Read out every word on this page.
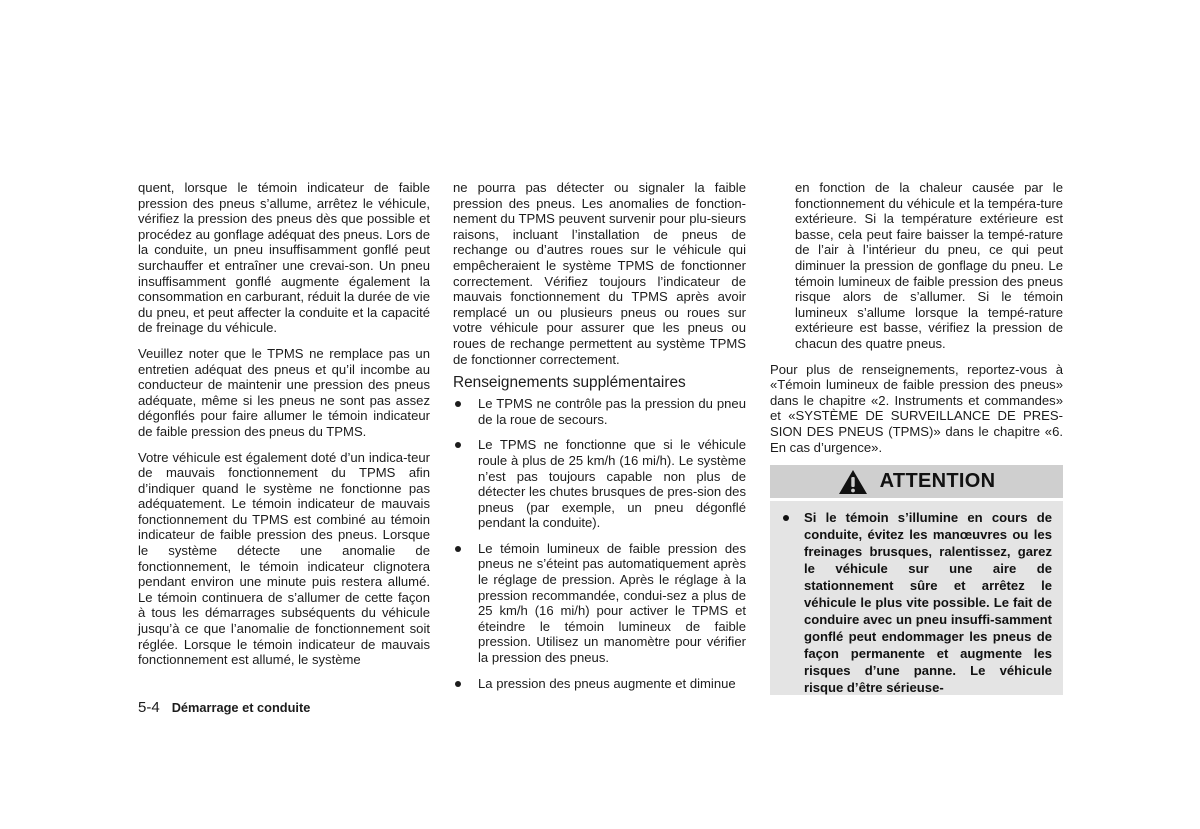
quent, lorsque le témoin indicateur de faible pression des pneus s’allume, arrêtez le véhicule, vérifiez la pression des pneus dès que possible et procédez au gonflage adéquat des pneus. Lors de la conduite, un pneu insuffisamment gonflé peut surchauffer et entraîner une crevai-son. Un pneu insuffisamment gonflé augmente également la consommation en carburant, réduit la durée de vie du pneu, et peut affecter la conduite et la capacité de freinage du véhicule.

Veuillez noter que le TPMS ne remplace pas un entretien adéquat des pneus et qu’il incombe au conducteur de maintenir une pression des pneus adéquate, même si les pneus ne sont pas assez dégonflés pour faire allumer le témoin indicateur de faible pression des pneus du TPMS.

Votre véhicule est également doté d’un indica-teur de mauvais fonctionnement du TPMS afin d’indiquer quand le système ne fonctionne pas adéquatement. Le témoin indicateur de mauvais fonctionnement du TPMS est combiné au témoin indicateur de faible pression des pneus. Lorsque le système détecte une anomalie de fonctionnement, le témoin indicateur clignotera pendant environ une minute puis restera allumé. Le témoin continuera de s’allumer de cette façon à tous les démarrages subséquents du véhicule jusqu’à ce que l’anomalie de fonctionnement soit réglée. Lorsque le témoin indicateur de mauvais fonctionnement est allumé, le système

ne pourra pas détecter ou signaler la faible pression des pneus. Les anomalies de fonction-nement du TPMS peuvent survenir pour plu-sieurs raisons, incluant l’installation de pneus de rechange ou d’autres roues sur le véhicule qui empêcheraient le système TPMS de fonctionner correctement. Vérifiez toujours l’indicateur de mauvais fonctionnement du TPMS après avoir remplacé un ou plusieurs pneus ou roues sur votre véhicule pour assurer que les pneus ou roues de rechange permettent au système TPMS de fonctionner correctement.

Renseignements supplémentaires
Le TPMS ne contrôle pas la pression du pneu de la roue de secours.
Le TPMS ne fonctionne que si le véhicule roule à plus de 25 km/h (16 mi/h). Le système n’est pas toujours capable non plus de détecter les chutes brusques de pres-sion des pneus (par exemple, un pneu dégonflé pendant la conduite).
Le témoin lumineux de faible pression des pneus ne s’éteint pas automatiquement après le réglage de pression. Après le réglage à la pression recommandée, condui-sez a plus de 25 km/h (16 mi/h) pour activer le TPMS et éteindre le témoin lumineux de faible pression. Utilisez un manomètre pour vérifier la pression des pneus.
La pression des pneus augmente et diminue

en fonction de la chaleur causée par le fonctionnement du véhicule et la tempéra-ture extérieure. Si la température extérieure est basse, cela peut faire baisser la tempé-rature de l’air à l’intérieur du pneu, ce qui peut diminuer la pression de gonflage du pneu. Le témoin lumineux de faible pression des pneus risque alors de s’allumer. Si le témoin lumineux s’allume lorsque la tempé-rature extérieure est basse, vérifiez la pression de chacun des quatre pneus.

Pour plus de renseignements, reportez-vous à «Témoin lumineux de faible pression des pneus» dans le chapitre «2. Instruments et commandes» et «SYSTÈME DE SURVEILLANCE DE PRES-SION DES PNEUS (TPMS)» dans le chapitre «6. En cas d’urgence».

ATTENTION
Si le témoin s’illumine en cours de conduite, évitez les manœuvres ou les freinages brusques, ralentissez, garez le véhicule sur une aire de stationnement sûre et arrêtez le véhicule le plus vite possible. Le fait de conduire avec un pneu insuffi-samment gonflé peut endommager les pneus de façon permanente et augmente les risques d’une panne. Le véhicule risque d’être sérieuse-
5-4 Démarrage et conduite
